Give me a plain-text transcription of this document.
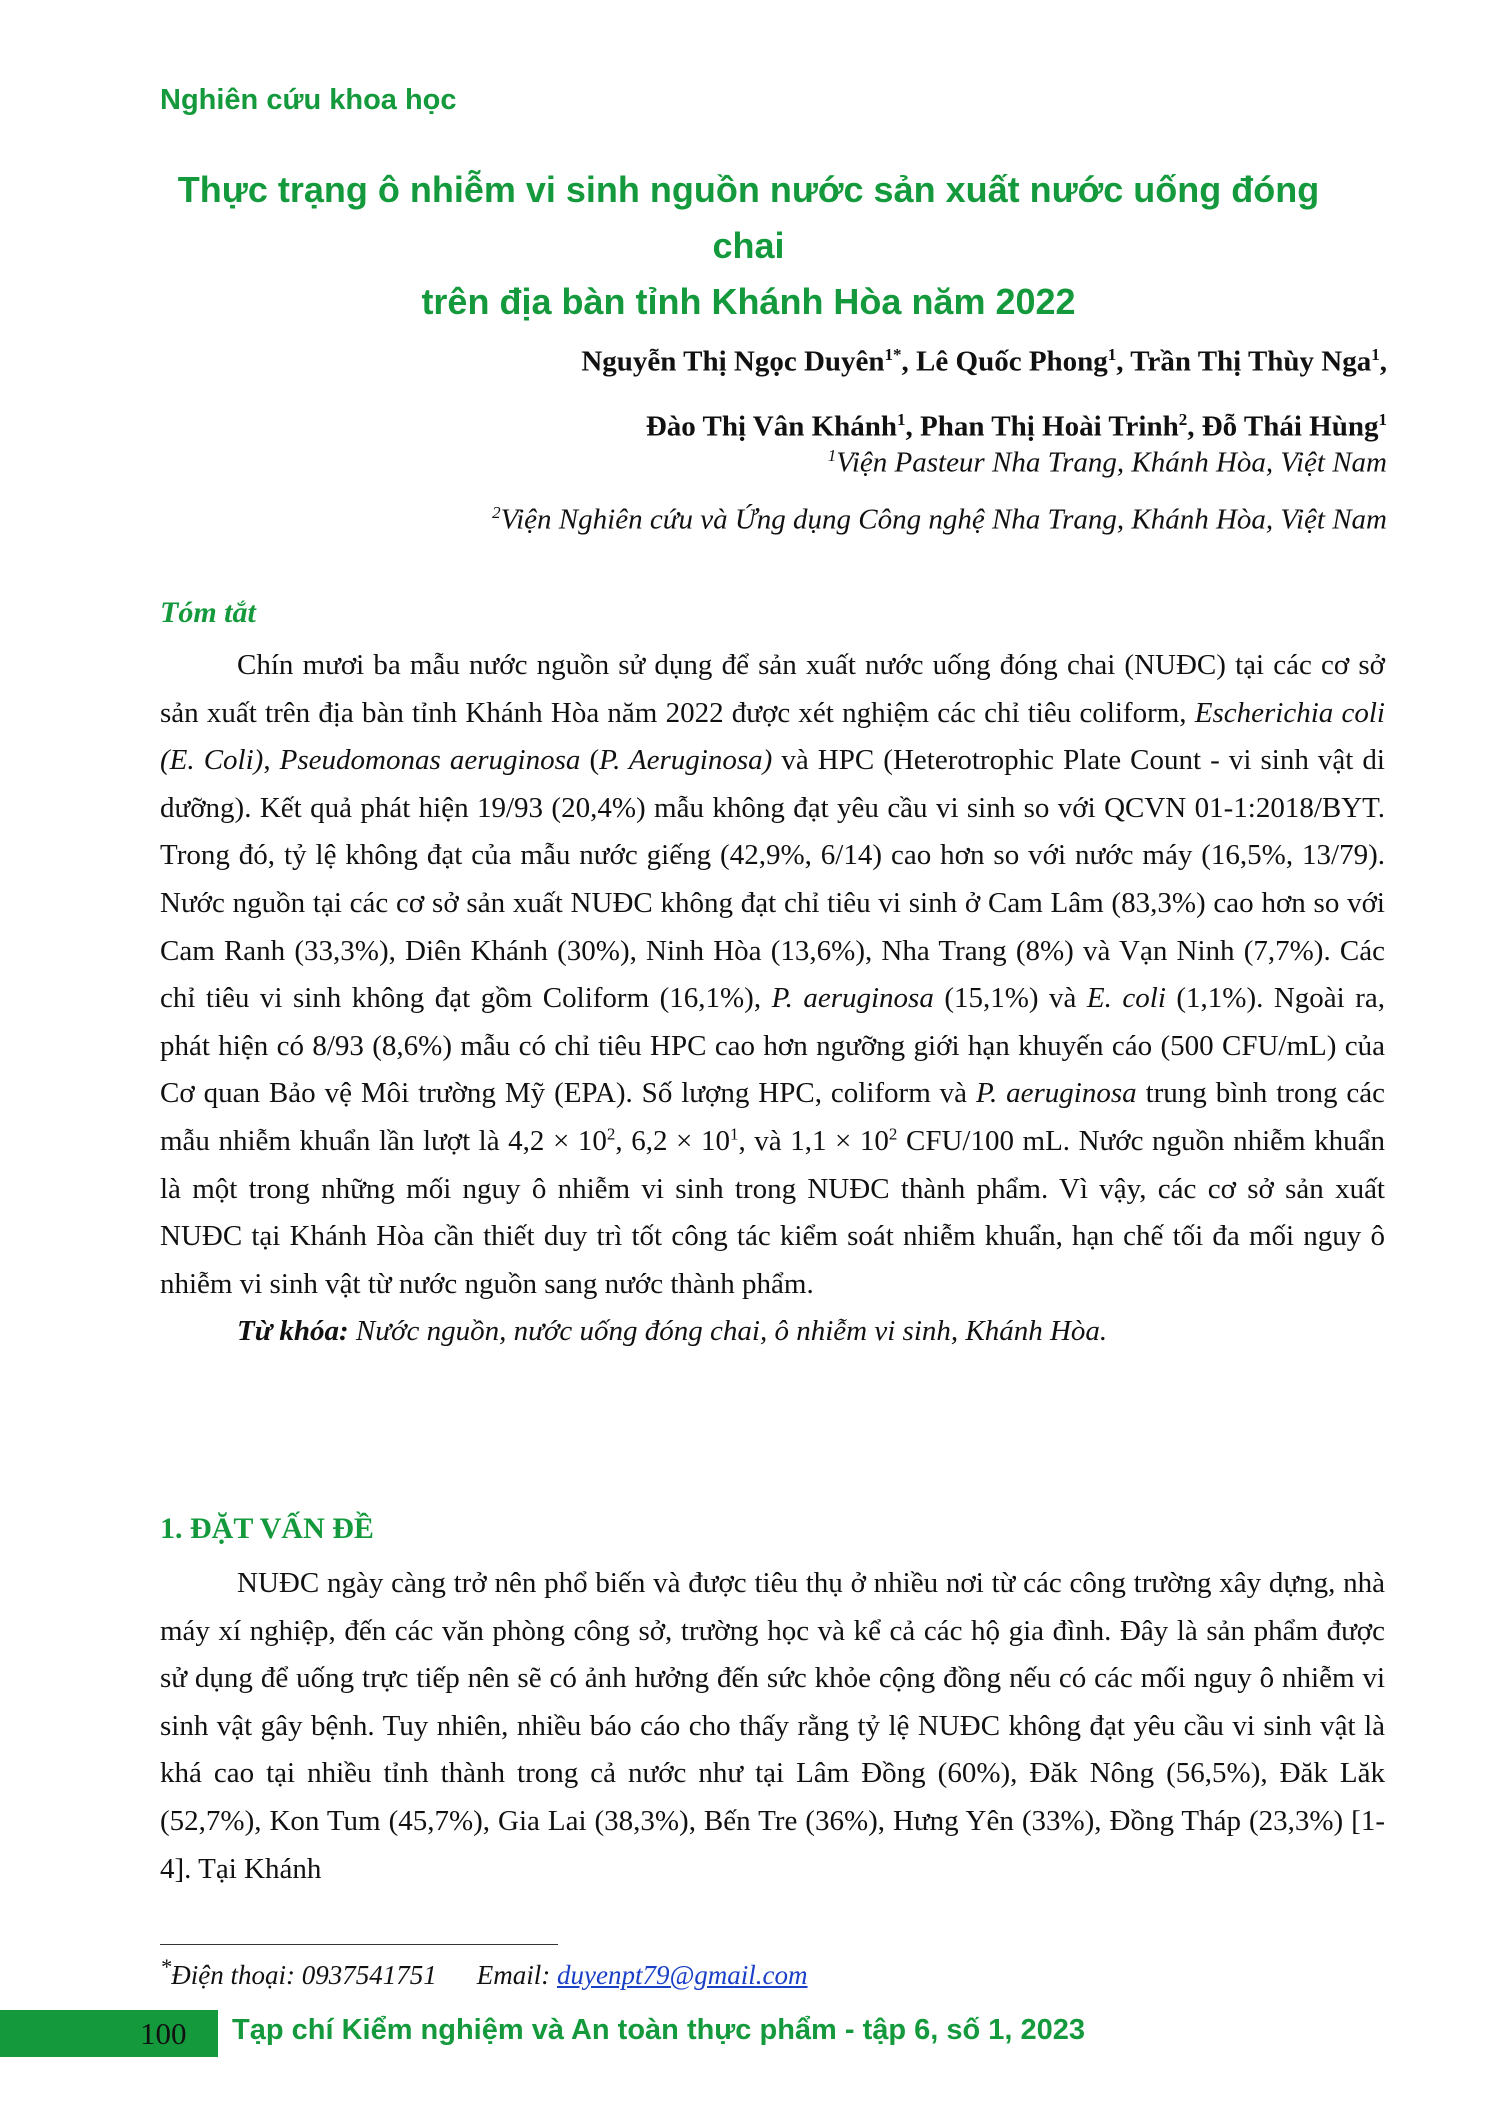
Nghiên cứu khoa học
Thực trạng ô nhiễm vi sinh nguồn nước sản xuất nước uống đóng chai
trên địa bàn tỉnh Khánh Hòa năm 2022
Nguyễn Thị Ngọc Duyên$^{1*}$, Lê Quốc Phong$^1$, Trần Thị Thùy Nga$^1$,
Đào Thị Vân Khánh$^1$, Phan Thị Hoài Trinh$^2$, Đỗ Thái Hùng$^1$
$^1$Viện Pasteur Nha Trang, Khánh Hòa, Việt Nam
$^2$Viện Nghiên cứu và Ứng dụng Công nghệ Nha Trang, Khánh Hòa, Việt Nam
Tóm tắt

Chín mươi ba mẫu nước nguồn sử dụng để sản xuất nước uống đóng chai (NUĐC) tại các cơ sở sản xuất trên địa bàn tỉnh Khánh Hòa năm 2022 được xét nghiệm các chỉ tiêu coliform, Escherichia coli (E. Coli), Pseudomonas aeruginosa (P. Aeruginosa) và HPC (Heterotrophic Plate Count - vi sinh vật di dưỡng). Kết quả phát hiện 19/93 (20,4%) mẫu không đạt yêu cầu vi sinh so với QCVN 01-1:2018/BYT. Trong đó, tỷ lệ không đạt của mẫu nước giếng (42,9%, 6/14) cao hơn so với nước máy (16,5%, 13/79). Nước nguồn tại các cơ sở sản xuất NUĐC không đạt chỉ tiêu vi sinh ở Cam Lâm (83,3%) cao hơn so với Cam Ranh (33,3%), Diên Khánh (30%), Ninh Hòa (13,6%), Nha Trang (8%) và Vạn Ninh (7,7%). Các chỉ tiêu vi sinh không đạt gồm Coliform (16,1%), P. aeruginosa (15,1%) và E. coli (1,1%). Ngoài ra, phát hiện có 8/93 (8,6%) mẫu có chỉ tiêu HPC cao hơn ngưỡng giới hạn khuyến cáo (500 CFU/mL) của Cơ quan Bảo vệ Môi trường Mỹ (EPA). Số lượng HPC, coliform và P. aeruginosa trung bình trong các mẫu nhiễm khuẩn lần lượt là $4,2 \times 10^2$, $6,2 \times 10^1$, và $1,1 \times 10^2$ CFU/100 mL. Nước nguồn nhiễm khuẩn là một trong những mối nguy ô nhiễm vi sinh trong NUĐC thành phẩm. Vì vậy, các cơ sở sản xuất NUĐC tại Khánh Hòa cần thiết duy trì tốt công tác kiểm soát nhiễm khuẩn, hạn chế tối đa mối nguy ô nhiễm vi sinh vật từ nước nguồn sang nước thành phẩm.

Từ khóa: Nước nguồn, nước uống đóng chai, ô nhiễm vi sinh, Khánh Hòa.

1. ĐẶT VẤN ĐỀ

NUĐC ngày càng trở nên phổ biến và được tiêu thụ ở nhiều nơi từ các công trường xây dựng, nhà máy xí nghiệp, đến các văn phòng công sở, trường học và kể cả các hộ gia đình. Đây là sản phẩm được sử dụng để uống trực tiếp nên sẽ có ảnh hưởng đến sức khỏe cộng đồng nếu có các mối nguy ô nhiễm vi sinh vật gây bệnh. Tuy nhiên, nhiều báo cáo cho thấy rằng tỷ lệ NUĐC không đạt yêu cầu vi sinh vật là khá cao tại nhiều tỉnh thành trong cả nước như tại Lâm Đồng (60%), Đăk Nông (56,5%), Đăk Lăk (52,7%), Kon Tum (45,7%), Gia Lai (38,3%), Bến Tre (36%), Hưng Yên (33%), Đồng Tháp (23,3%) [1-4]. Tại Khánh

*Điện thoại: 0937541751 Email: duyenpt79@gmail.com
100 Tạp chí Kiểm nghiệm và An toàn thực phẩm - tập 6, số 1, 2023
